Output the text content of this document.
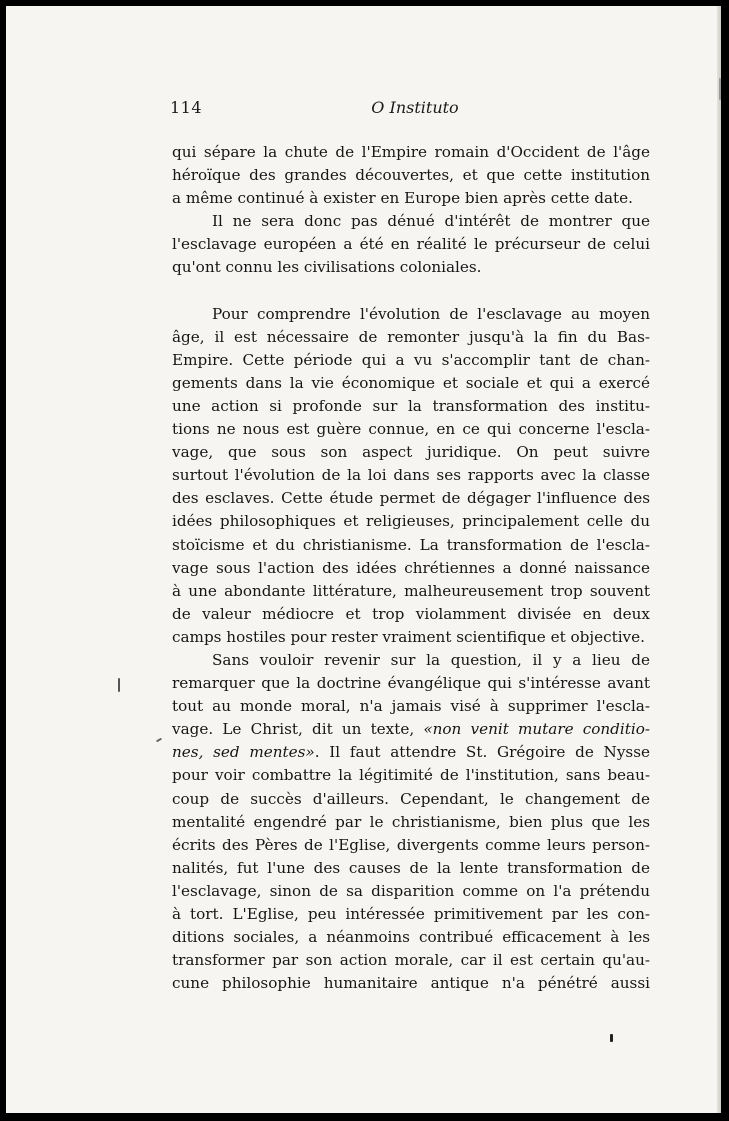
114	O Instituto
qui sépare la chute de l'Empire romain d'Occident de l'âge
héroïque des grandes découvertes, et que cette institution
a même continué à exister en Europe bien après cette date.
Il ne sera donc pas dénué d'intérêt de montrer que
l'esclavage européen a été en réalité le précurseur de celui
qu'ont connu les civilisations coloniales.
Pour comprendre l'évolution de l'esclavage au moyen
âge, il est nécessaire de remonter jusqu'à la fin du Bas-
Empire. Cette période qui a vu s'accomplir tant de chan-
gements dans la vie économique et sociale et qui a exercé
une action si profonde sur la transformation des institu-
tions ne nous est guère connue, en ce qui concerne l'escla-
vage, que sous son aspect juridique. On peut suivre
surtout l'évolution de la loi dans ses rapports avec la classe
des esclaves. Cette étude permet de dégager l'influence des
idées philosophiques et religieuses, principalement celle du
stoïcisme et du christianisme. La transformation de l'escla-
vage sous l'action des idées chrétiennes a donné naissance
à une abondante littérature, malheureusement trop souvent
de valeur médiocre et trop violamment divisée en deux
camps hostiles pour rester vraiment scientifique et objective.
Sans vouloir revenir sur la question, il y a lieu de
remarquer que la doctrine évangélique qui s'intéresse avant
tout au monde moral, n'a jamais visé à supprimer l'escla-
vage. Le Christ, dit un texte, «non venit mutare conditio-
nes, sed mentes». Il faut attendre St. Grégoire de Nysse
pour voir combattre la légitimité de l'institution, sans beau-
coup de succès d'ailleurs. Cependant, le changement de
mentalité engendré par le christianisme, bien plus que les
écrits des Pères de l'Eglise, divergents comme leurs person-
nalités, fut l'une des causes de la lente transformation de
l'esclavage, sinon de sa disparition comme on l'a prétendu
à tort. L'Eglise, peu intéressée primitivement par les con-
ditions sociales, a néanmoins contribué efficacement à les
transformer par son action morale, car il est certain qu'au-
cune philosophie humanitaire antique n'a pénétré aussi
